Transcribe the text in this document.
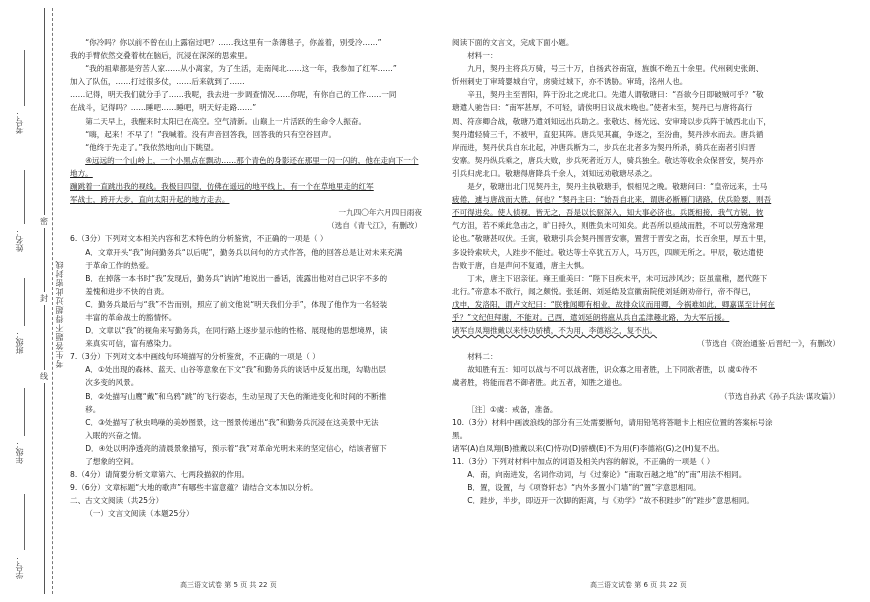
考号：
姓名：
班级：
年级：
学号：
考生答题不得超过此密封线
密
封
线

“你冷吗？你以前不曾在山上露宿过吧？……我这里有一条薄毯子，你盖着，别受冷……”

我的手臂依然交叠着枕在脑后，沉浸在深深的思索里。

“我的祖辈都是穷苦人家……从小离家，为了生活，走南闯北……这一年，我参加了红军……”

加入了队伍，……打过很多仗，……后来就到了……

……记得，明天我们就分手了……我呢，我去进一步调查情况……你呢，有你自己的工作……一同

在战斗，记得吗？……睡吧……睡吧，明天好走路……”

第二天早上，我醒来时太阳已在高空。空气清新。山巅上一片活跃的生命令人振奋。

“嗨，起来！不早了！”我喊着。没有声音回答我，回答我的只有空谷回声。

“他终于先走了。”我依然地向山下眺望。

④远远的一个山岭上，一个小黑点在飘动……那个青色的身影还在那里一闪一闪的，他在走向下一个地方。

蹦跳着一直跳出我的视线。我极目四望，仿佛在遥远的地平线上，有一个在草地里走的红军

军战士，跨开大步，直向太阳升起的地方走去。

一九四〇年六月四日雨夜

（选自《青弋江》，有删改）

6.（3分）下列对文本相关内容和艺术特色的分析鉴赏，不正确的一项是（ ）

A．文章开头“我”询问勤务兵“以后呢”，勤务兵以问句的方式作答，他的回答总是让对未来充满

于革命工作的热爱。

B．在掉落一本书时“我”发现后，勤务兵“讷讷”地说出一番话，流露出他对自己识字不多的

羞愧和进步不快的自责。

C．勤务兵最后与“我”不告而别，照应了前文他说“明天我们分手”，体现了他作为一名轻装

丰富的革命战士的豁情怀。

D．文章以“我”的视角来写勤务兵，在同行路上逐步显示他的性格、展现他的思想境界，读

来真实可信，富有感染力。

7.（3分）下列对文本中画线句环境描写的分析鉴赏，不正确的一项是（ ）

A．①处出现的森林、蓝天、山谷等意象在下文“我”和勤务兵的谈话中反复出现，勾勒出层

次多变的风景。

B．②处描写山鹰“戴”和乌鸦“跳”的飞行姿态，生动呈现了天色的渐进变化和时间的不断推

移。

C．③处描写了秋虫鸣噪的美妙图景，这一图景传递出“我”和勤务兵沉浸在这美景中无法

入眠的兴奋之情。

D．④处以明净透亮的清晨景象描写，预示着“我”对革命光明未来的坚定信心，结该者留下

了想象的空间。

8.（4分）请简要分析文章第六、七两段描叙的作用。

9.（6分）文章标题“大地的歌声”有哪些丰富意蕴？请结合文本加以分析。

二、古文文阅读（共25分）

（一）文言文阅读（本题25分）

阅读下面的文言文，完成下面小题。

材料一：

九月，契丹主将兵万骑，号三十万，自扬武谷南寇，旌旗不绝五十余里。代州刺史张朗、

忻州刺史丁审琦婴城自守，虏骑过城下，亦不诱胁。审琦，洺州人也。

辛丑，契丹主至晋阳，阵于汾北之虎北口。先遣人谓敬瑭曰：“吾欲今日即破贼可乎？”敬

瑭遣人驰告曰：“南军甚厚，不可轻，请俟明日议战未晚也。”使者未至，契丹已与唐将高行

周、符彦卿合战，敬瑭乃遣刘知远出兵助之。张敬达、杨光远、安审琦以步兵阵于城西北山下，

契丹遣轻骑三千，不被甲，直犯其阵。唐兵见其羸，争逐之，至汾曲，契丹涉水而去。唐兵循

岸而进，契丹伏兵自东北起，冲唐兵断为二，步兵在北者多为契丹所杀，骑兵在南者引归晋

安寨。契丹纵兵乘之，唐兵大败，步兵死者近万人，骑兵独全。敬达等收余众保晋安，契丹亦

引兵归虎北口。敬瑭得唐降兵千余人，刘知远劝敬瑭尽杀之。

是夕，敬瑭出北门见契丹主，契丹主执敬瑭手，恨相见之晚。敬瑭问曰：“皇帝远来，士马

疲倦，遽与唐战而大胜，何也？”契丹主曰：“始吾自北来，谓唐必断雁门诸路，伏兵险要，则吾

不可得进矣。使人侦视，皆无之，吾是以长驱深入，知大事必济也。兵既相接，我气方锐，彼

气方沮，若不乘此急击之，旷日持久，则胜负未可知矣。此吾所以亟战而胜，不可以劳逸常理

论也。”敬瑭甚叹伏。壬寅，敬瑭引兵会契丹围晋安寨，置营于晋安之南，长百余里，厚五十里，

多设铃索吠犬，人跬步不能过。敬达等士卒犹五万人，马万匹，四顾无所之。甲辰，敬达遣使

告败于唐，自是声问不复通，唐主大惧。

丁未，唐主下诏亲征。雍王重美曰：“陛下目疾未平，未可远涉风沙；臣虽童稚，愿代陛下

北行。”帝意本不欲行，闻之颇悦。张延朗、刘延皓及宣徽南院使刘延朗劝帝行，帝不得已，

戊申，发洛阳，谓卢文纪曰：“朕雅闻卿有相业，故排众议而用卿，今祸难如此，卿嘉谋至计何在

乎？”文纪但拜谢，不能对。己酉，遣刘延朗将扈从兵自孟津趣北路，为大军后援。

诸军自凤翔推戴以来恃功骄横，不为用，李德裕之，复不出。

（节选自《资治通鉴·后晋纪一》，有删改）

材料二：

故知胜有五：知可以战与不可以战者胜，识众寡之用者胜，上下同欲者胜，以 虞①待不

虞者胜，将能而君不御者胜。此五者，知胜之道也。

（节选自孙武《孙子兵法·谋攻篇》）

［注］①虞：戒备，准备。

10.（3分）材料中画波浪线的部分有三处需要断句，请用铅笔将答题卡上相应位置的答案标号涂

黑。

诸军(A)自凤翔(B)推戴以来(C)恃功(D)骄横(E)不为用(F)李德裕(G)之(H)复不出。

11.（3分）下列对材料中加点的词语及相关内容的解说，不正确的一项是（ ）

A．南，向南进发，名词作动词，与《过秦论》“南取百越之地”的“南”用法不相同。

B．置，设置，与《项脊轩志》“内外多置小门墙”的“置”字意思相同。

C．跬步，半步，即迈开一次脚的距离，与《劝学》“故不积跬步”的“跬步”意思相同。

高三语文试卷 第 5 页 共 22 页	高三语文试卷 第 6 页 共 22 页
